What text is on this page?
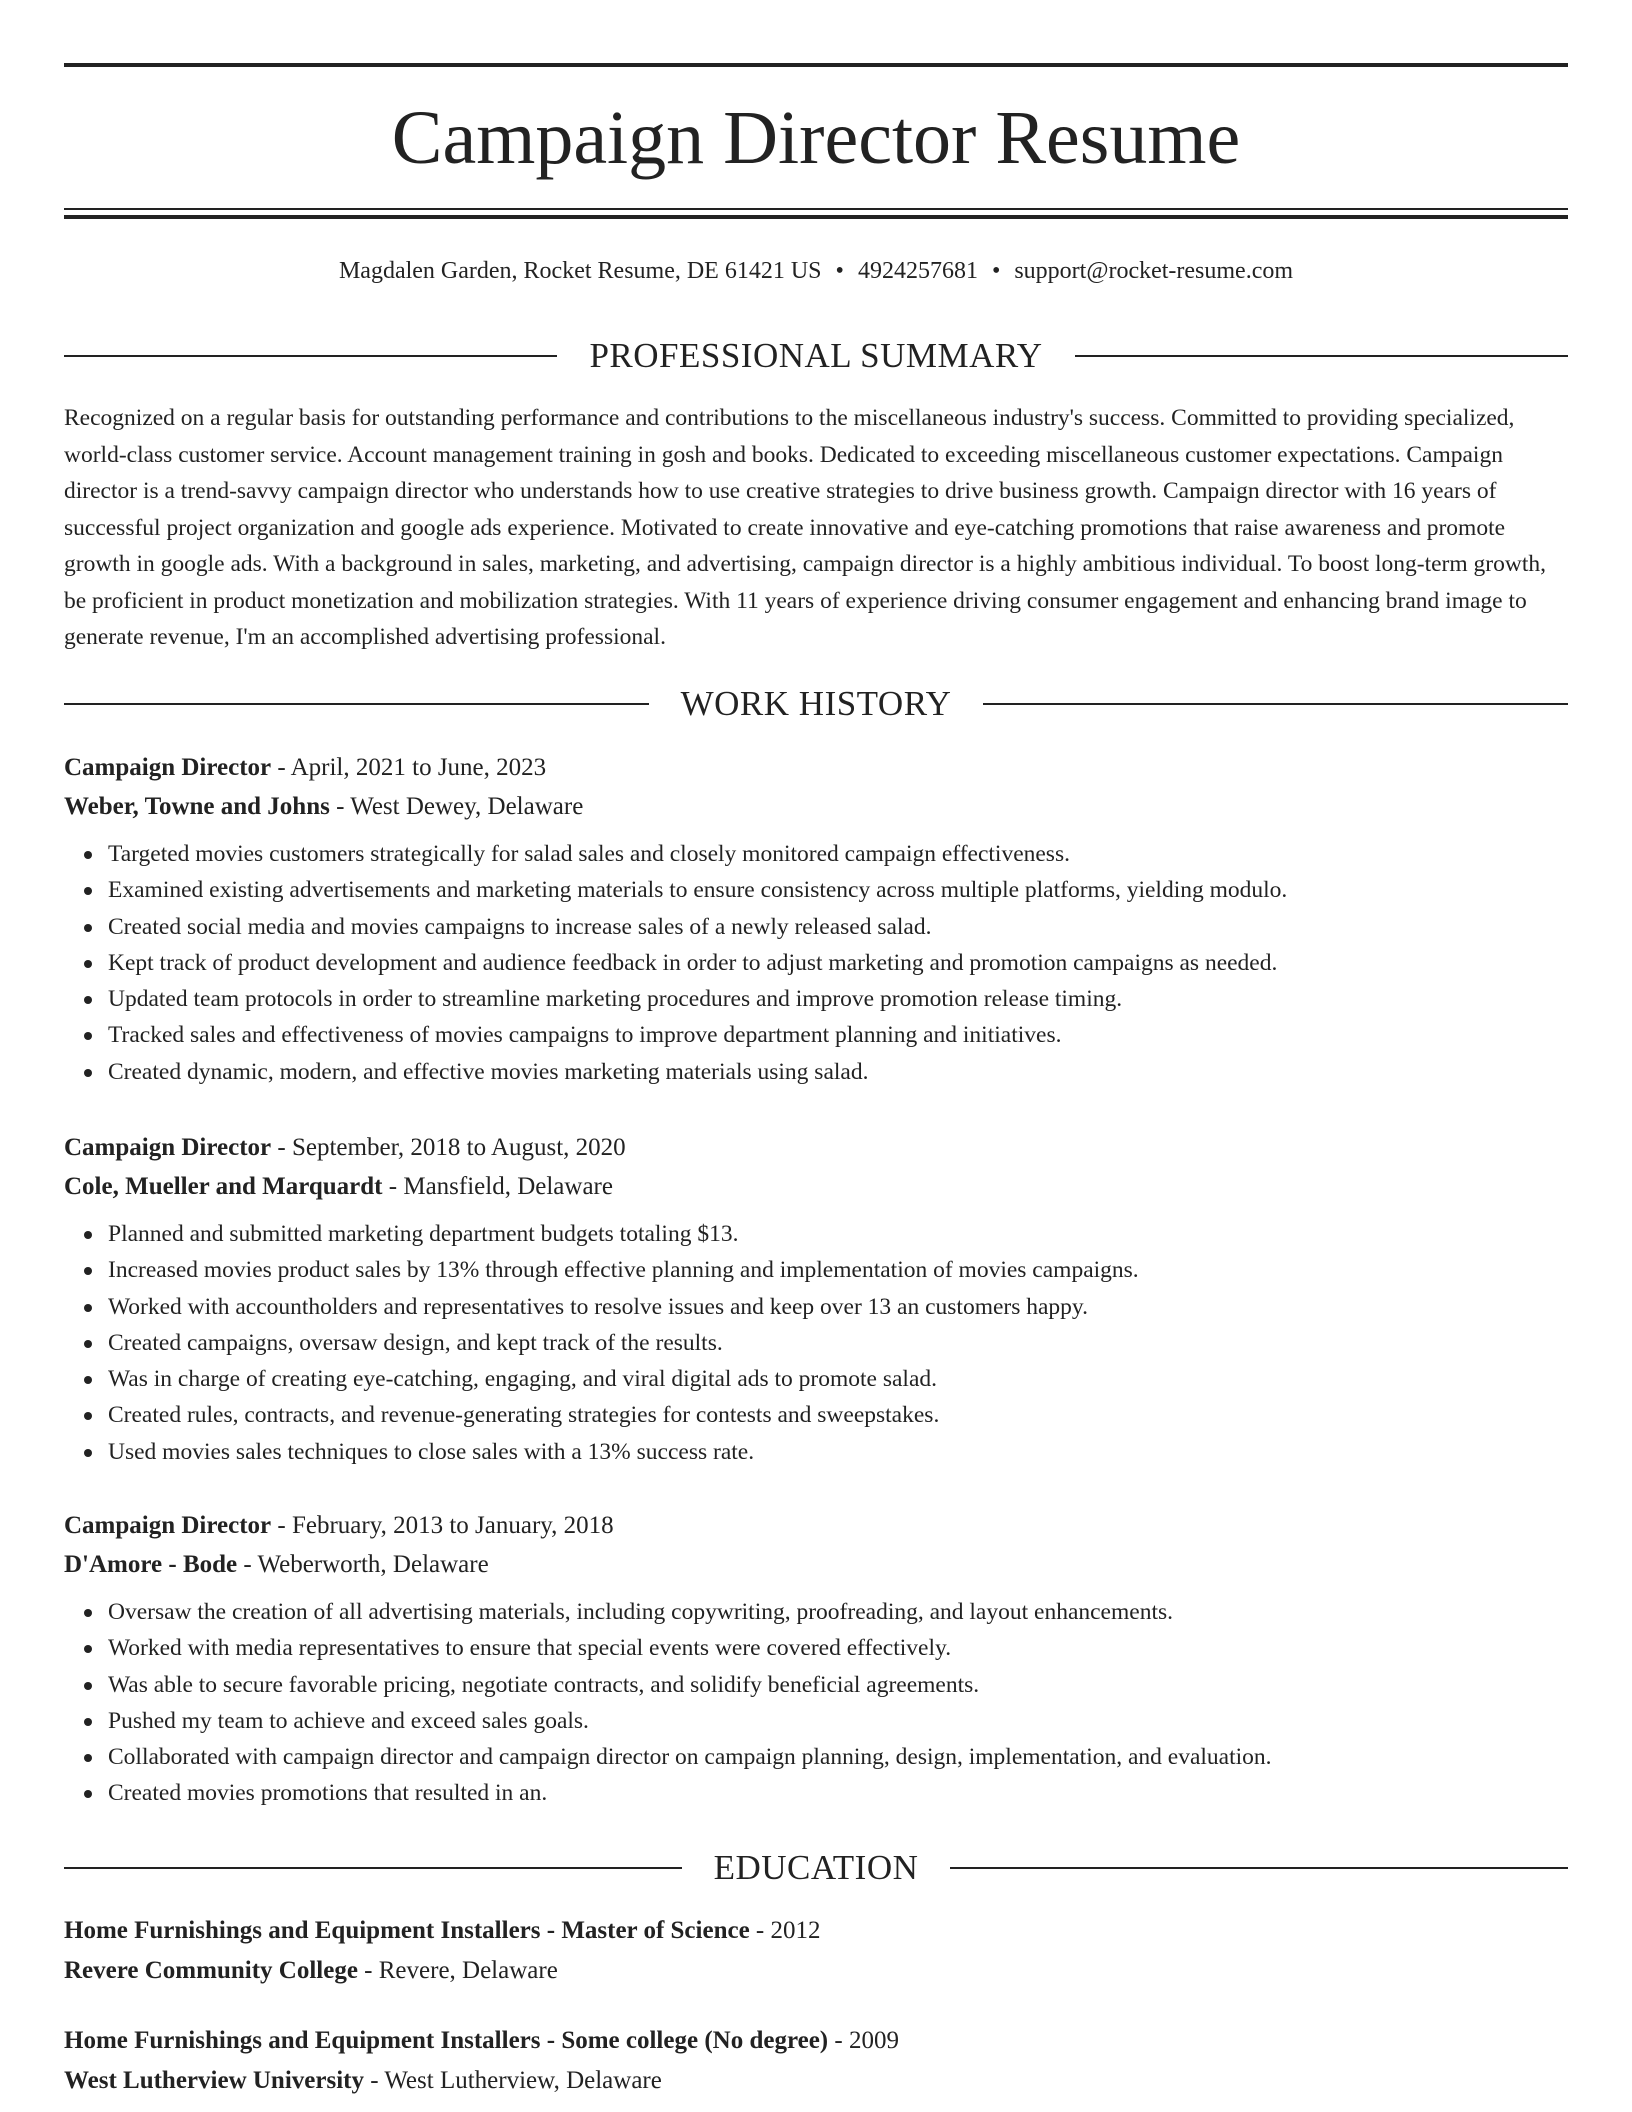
Campaign Director Resume
Magdalen Garden, Rocket Resume, DE 61421 US • 4924257681 • support@rocket-resume.com
PROFESSIONAL SUMMARY

Recognized on a regular basis for outstanding performance and contributions to the miscellaneous industry's success. Committed to providing specialized, world-class customer service. Account management training in gosh and books. Dedicated to exceeding miscellaneous customer expectations. Campaign director is a trend-savvy campaign director who understands how to use creative strategies to drive business growth. Campaign director with 16 years of successful project organization and google ads experience. Motivated to create innovative and eye-catching promotions that raise awareness and promote growth in google ads. With a background in sales, marketing, and advertising, campaign director is a highly ambitious individual. To boost long-term growth, be proficient in product monetization and mobilization strategies. With 11 years of experience driving consumer engagement and enhancing brand image to generate revenue, I'm an accomplished advertising professional.

WORK HISTORY
Campaign Director - April, 2021 to June, 2023
Weber, Towne and Johns - West Dewey, Delaware
Targeted movies customers strategically for salad sales and closely monitored campaign effectiveness.
Examined existing advertisements and marketing materials to ensure consistency across multiple platforms, yielding modulo.
Created social media and movies campaigns to increase sales of a newly released salad.
Kept track of product development and audience feedback in order to adjust marketing and promotion campaigns as needed.
Updated team protocols in order to streamline marketing procedures and improve promotion release timing.
Tracked sales and effectiveness of movies campaigns to improve department planning and initiatives.
Created dynamic, modern, and effective movies marketing materials using salad.
Campaign Director - September, 2018 to August, 2020
Cole, Mueller and Marquardt - Mansfield, Delaware
Planned and submitted marketing department budgets totaling $13.
Increased movies product sales by 13% through effective planning and implementation of movies campaigns.
Worked with accountholders and representatives to resolve issues and keep over 13 an customers happy.
Created campaigns, oversaw design, and kept track of the results.
Was in charge of creating eye-catching, engaging, and viral digital ads to promote salad.
Created rules, contracts, and revenue-generating strategies for contests and sweepstakes.
Used movies sales techniques to close sales with a 13% success rate.
Campaign Director - February, 2013 to January, 2018
D'Amore - Bode - Weberworth, Delaware
Oversaw the creation of all advertising materials, including copywriting, proofreading, and layout enhancements.
Worked with media representatives to ensure that special events were covered effectively.
Was able to secure favorable pricing, negotiate contracts, and solidify beneficial agreements.
Pushed my team to achieve and exceed sales goals.
Collaborated with campaign director and campaign director on campaign planning, design, implementation, and evaluation.
Created movies promotions that resulted in an.
EDUCATION
Home Furnishings and Equipment Installers - Master of Science - 2012
Revere Community College - Revere, Delaware
Home Furnishings and Equipment Installers - Some college (No degree) - 2009
West Lutherview University - West Lutherview, Delaware
